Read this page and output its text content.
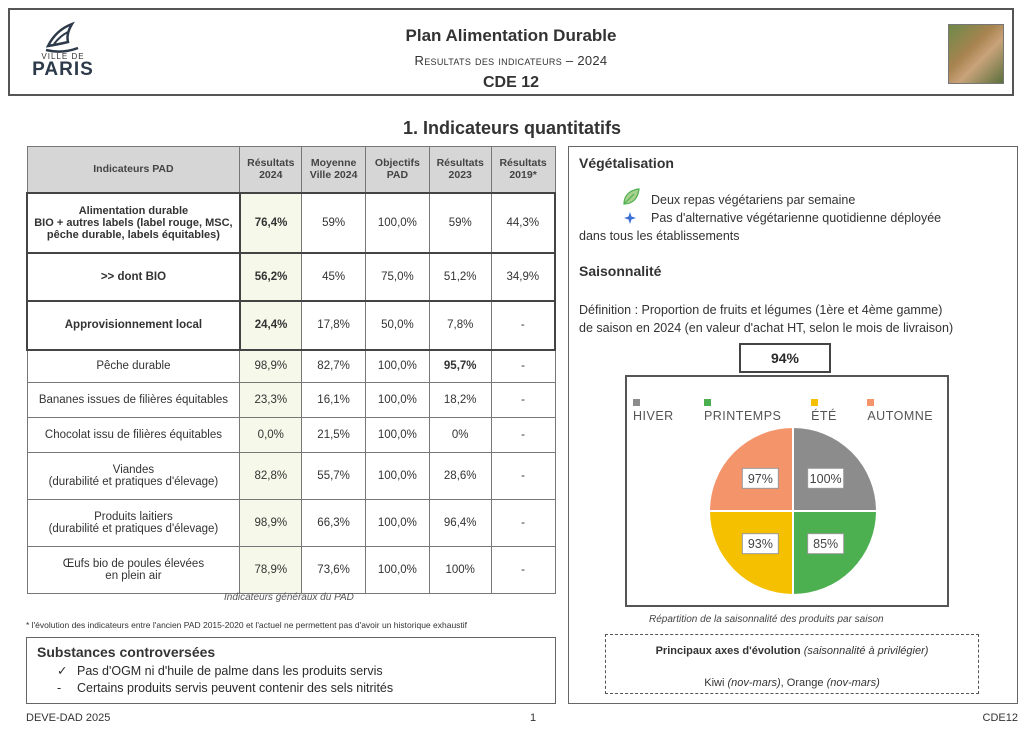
VILLE DE
PARIS
Plan Alimentation Durable
Resultats des indicateurs – 2024
CDE 12
1. Indicateurs quantitatifs
Indicateurs PAD	Résultats 2024	Moyenne Ville 2024	Objectifs PAD	Résultats 2023	Résultats 2019*

Alimentation durable
BIO + autres labels (label rouge, MSC, pêche durable, labels équitables)	76,4%	59%	100,0%	59%	44,3%
>> dont BIO	56,2%	45%	75,0%	51,2%	34,9%
Approvisionnement local	24,4%	17,8%	50,0%	7,8%	-
Pêche durable	98,9%	82,7%	100,0%	95,7%	-
Bananes issues de filières équitables	23,3%	16,1%	100,0%	18,2%	-
Chocolat issu de filières équitables	0,0%	21,5%	100,0%	0%	-
Viandes
(durabilité et pratiques d'élevage)	82,8%	55,7%	100,0%	28,6%	-
Produits laitiers
(durabilité et pratiques d'élevage)	98,9%	66,3%	100,0%	96,4%	-
Œufs bio de poules élevées
en plein air	78,9%	73,6%	100,0%	100%	-
Indicateurs généraux du PAD
* l'évolution des indicateurs entre l'ancien PAD 2015-2020 et l'actuel ne permettent pas d'avoir un historique exhaustif
Substances controversées
✓ Pas d'OGM ni d'huile de palme dans les produits servis
- Certains produits servis peuvent contenir des sels nitrités
Végétalisation
Deux repas végétariens par semaine
Pas d'alternative végétarienne quotidienne déployée
dans tous les établissements
Saisonnalité
Définition : Proportion de fruits et légumes (1ère et 4ème gamme)
de saison en 2024 (en valeur d'achat HT, selon le mois de livraison)
94%
HIVER	PRINTEMPS	ÉTÉ	AUTOMNE
100%
85%
93%
97%
Répartition de la saisonnalité des produits par saison
Principaux axes d'évolution (saisonnalité à privilégier)
Kiwi (nov-mars), Orange (nov-mars)
DEVE-DAD 2025	1	CDE12
